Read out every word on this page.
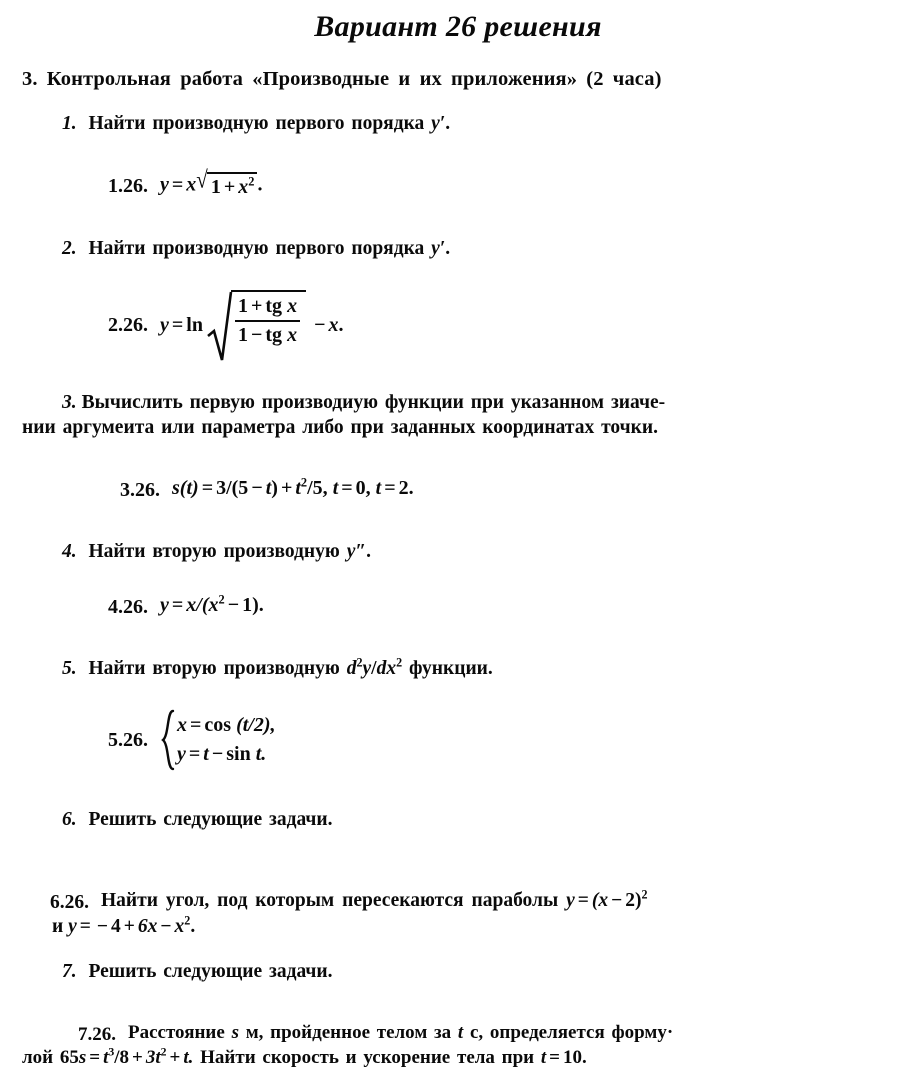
Вариант 26 решения
3. Контрольная работа «Производные и их приложения» (2 часа)
1. Найти производную первого порядка y′.
1.26. y = x √ $1 + x^2$ .
2. Найти производную первого порядка y′.
2.26. $y = \ln \frac{\text{1 + tg x}}{\text{1 − tg x}} - x$ .
3. Вычислить первую производиую функции при указанном зиаче-
нии аргумеита или параметра либо при заданных координатах точки.
3.26. $s(t) = 3/(5 - t) + t^2/5$, t = 0, t = 2.
4. Найти вторую производную y″.
4.26. $y = x/(x^2 - 1)$.
5. Найти вторую производную $d^2y/dx^2$ функции.
5.26.
x = cos (t/2),
y = t − sin t.
6. Решить следующие задачи.
6.26. Найти угол, под которым пересекаются параболы $y = (x - 2)^2$
и y = − $4 + 6x - x^2$.
7. Решить следующие задачи.
7.26. Расстояние s м, пройденное телом за t с, определяется форму·
лой $65s = t^3/8 + 3t^2 + t$. Найти скорость и ускорение тела при t = 10.
